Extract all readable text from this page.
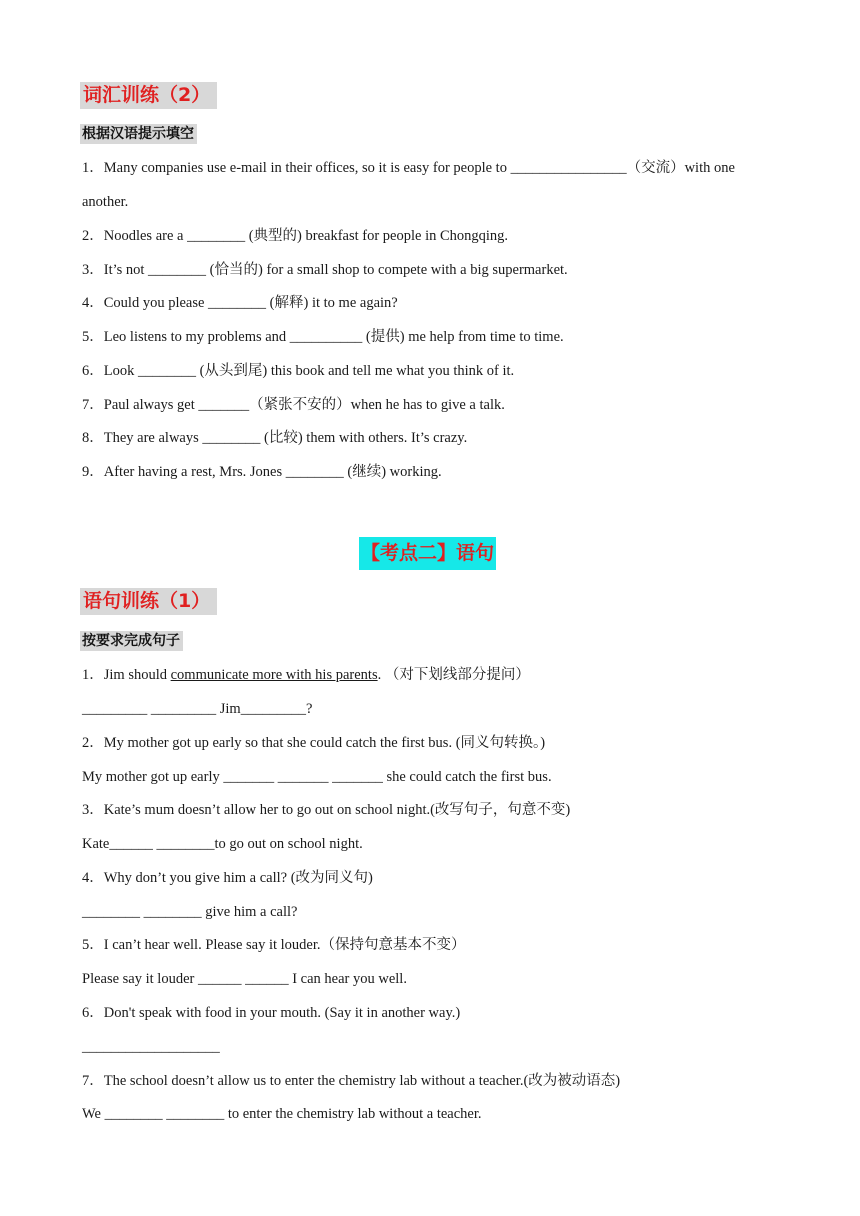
词汇训练（2）
根据汉语提示填空
1．Many companies use e-mail in their offices, so it is easy for people to ________________（交流）with one
another.
2．Noodles are a ________ (典型的) breakfast for people in Chongqing.
3．It’s not ________ (恰当的) for a small shop to compete with a big supermarket.
4．Could you please ________ (解释) it to me again?
5．Leo listens to my problems and __________ (提供) me help from time to time.
6．Look ________ (从头到尾) this book and tell me what you think of it.
7．Paul always get _______（紧张不安的）when he has to give a talk.
8．They are always ________ (比较) them with others. It’s crazy.
9．After having a rest, Mrs. Jones ________ (继续) working.
【考点二】语句
语句训练（1）
按要求完成句子
1．Jim should communicate more with his parents. （对下划线部分提问）
_________ _________ Jim_________?
2．My mother got up early so that she could catch the first bus. (同义句转换。)
My mother got up early _______ _______ _______ she could catch the first bus.
3．Kate’s mum doesn’t allow her to go out on school night.(改写句子，句意不变)
Kate______ ________to go out on school night.
4．Why don’t you give him a call? (改为同义句)
________ ________ give him a call?
5．I can’t hear well. Please say it louder.（保持句意基本不变）
Please say it louder ______ ______ I can hear you well.
6．Don't speak with food in your mouth. (Say it in another way.)
___________________
7．The school doesn’t allow us to enter the chemistry lab without a teacher.(改为被动语态)
We ________ ________ to enter the chemistry lab without a teacher.
